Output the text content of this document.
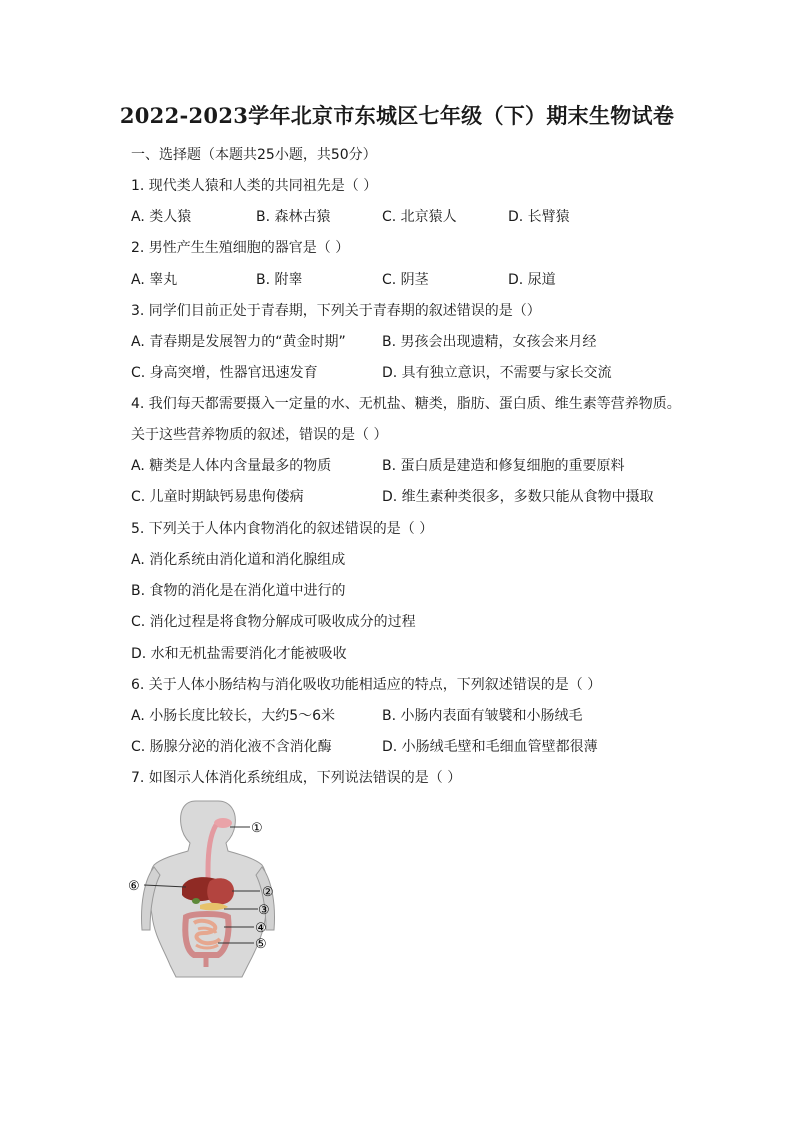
2022-2023学年北京市东城区七年级（下）期末生物试卷
一、选择题（本题共25小题，共50分）
1. 现代类人猿和人类的共同祖先是（ ）
A. 类人猿	B. 森林古猿	C. 北京猿人	D. 长臂猿
2. 男性产生生殖细胞的器官是（ ）
A. 睾丸	B. 附睾	C. 阴茎	D. 尿道
3. 同学们目前正处于青春期，下列关于青春期的叙述错误的是（）
A. 青春期是发展智力的“黄金时期”	B. 男孩会出现遗精，女孩会来月经
C. 身高突增，性器官迅速发育	D. 具有独立意识，不需要与家长交流
4. 我们每天都需要摄入一定量的水、无机盐、糖类，脂肪、蛋白质、维生素等营养物质。
关于这些营养物质的叙述，错误的是（ ）
A. 糖类是人体内含量最多的物质	B. 蛋白质是建造和修复细胞的重要原料
C. 儿童时期缺钙易患佝偻病	D. 维生素种类很多，多数只能从食物中摄取
5. 下列关于人体内食物消化的叙述错误的是（ ）
A. 消化系统由消化道和消化腺组成
B. 食物的消化是在消化道中进行的
C. 消化过程是将食物分解成可吸收成分的过程
D. 水和无机盐需要消化才能被吸收
6. 关于人体小肠结构与消化吸收功能相适应的特点，下列叙述错误的是（ ）
A. 小肠长度比较长，大约5～6米	B. 小肠内表面有皱襞和小肠绒毛
C. 肠腺分泌的消化液不含消化酶	D. 小肠绒毛壁和毛细血管壁都很薄
7. 如图示人体消化系统组成，下列说法错误的是（ ）
①
②
③
④
⑤
⑥
